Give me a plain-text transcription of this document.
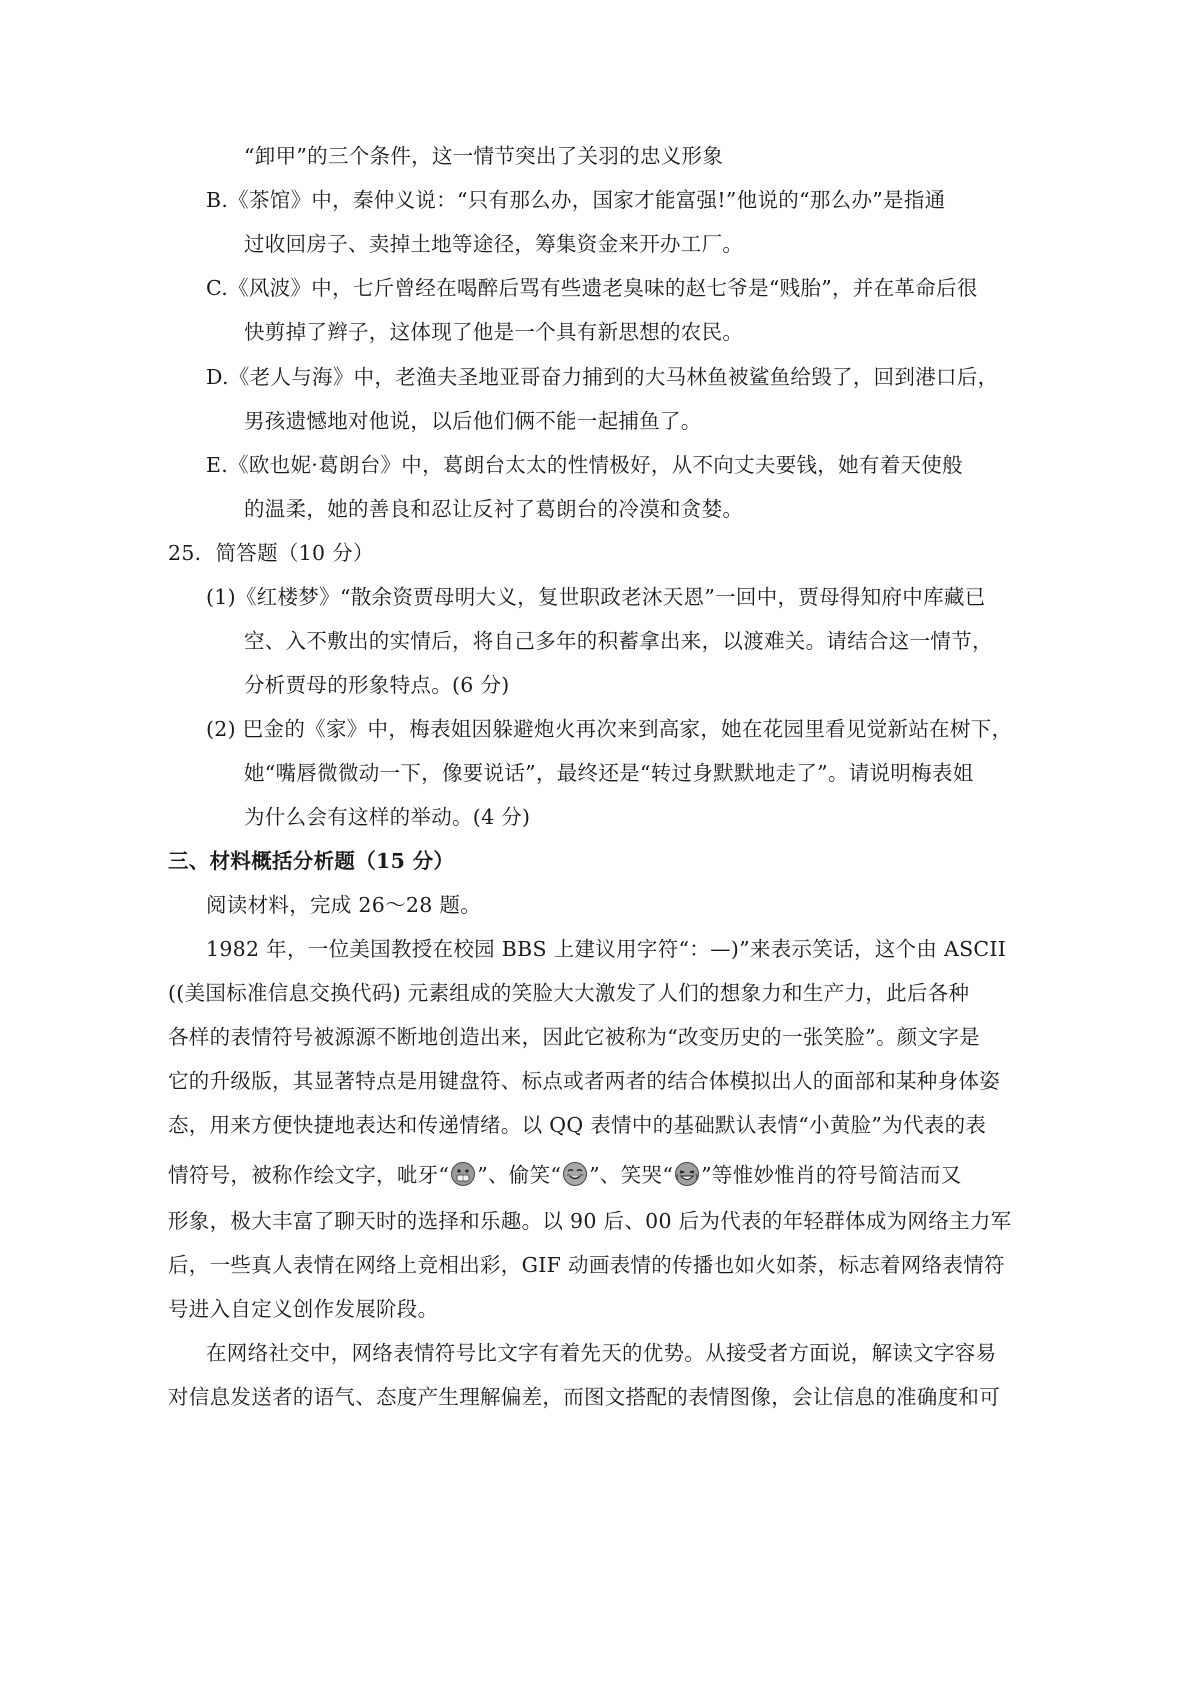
“卸甲”的三个条件，这一情节突出了关羽的忠义形象
B.《茶馆》中，秦仲义说：“只有那么办，国家才能富强!”他说的“那么办”是指通
过收回房子、卖掉土地等途径，筹集资金来开办工厂。
C.《风波》中，七斤曾经在喝醉后骂有些遗老臭味的赵七爷是“贱胎”，并在革命后很
快剪掉了辫子，这体现了他是一个具有新思想的农民。
D.《老人与海》中，老渔夫圣地亚哥奋力捕到的大马林鱼被鲨鱼给毁了，回到港口后，
男孩遗憾地对他说，以后他们俩不能一起捕鱼了。
E.《欧也妮·葛朗台》中，葛朗台太太的性情极好，从不向丈夫要钱，她有着天使般
的温柔，她的善良和忍让反衬了葛朗台的冷漠和贪婪。
25．简答题（10 分）
(1)《红楼梦》“散余资贾母明大义，复世职政老沐天恩”一回中，贾母得知府中库藏已
空、入不敷出的实情后，将自己多年的积蓄拿出来，以渡难关。请结合这一情节，
分析贾母的形象特点。(6 分)
(2) 巴金的《家》中，梅表姐因躲避炮火再次来到高家，她在花园里看见觉新站在树下，
她“嘴唇微微动一下，像要说话”，最终还是“转过身默默地走了”。请说明梅表姐
为什么会有这样的举动。(4 分)
三、材料概括分析题（15 分）
阅读材料，完成 26～28 题。
1982 年，一位美国教授在校园 BBS 上建议用字符“：—)”来表示笑话，这个由 ASCII
((美国标准信息交换代码) 元素组成的笑脸大大激发了人们的想象力和生产力，此后各种
各样的表情符号被源源不断地创造出来，因此它被称为“改变历史的一张笑脸”。颜文字是
它的升级版，其显著特点是用键盘符、标点或者两者的结合体模拟出人的面部和某种身体姿
态，用来方便快捷地表达和传递情绪。以 QQ 表情中的基础默认表情“小黄脸”为代表的表
情符号，被称作绘文字，呲牙“ ”、偷笑“ ”、笑哭“ ”等惟妙惟肖的符号简洁而又
形象，极大丰富了聊天时的选择和乐趣。以 90 后、00 后为代表的年轻群体成为网络主力军
后，一些真人表情在网络上竞相出彩，GIF 动画表情的传播也如火如荼，标志着网络表情符
号进入自定义创作发展阶段。
在网络社交中，网络表情符号比文字有着先天的优势。从接受者方面说，解读文字容易
对信息发送者的语气、态度产生理解偏差，而图文搭配的表情图像，会让信息的准确度和可
